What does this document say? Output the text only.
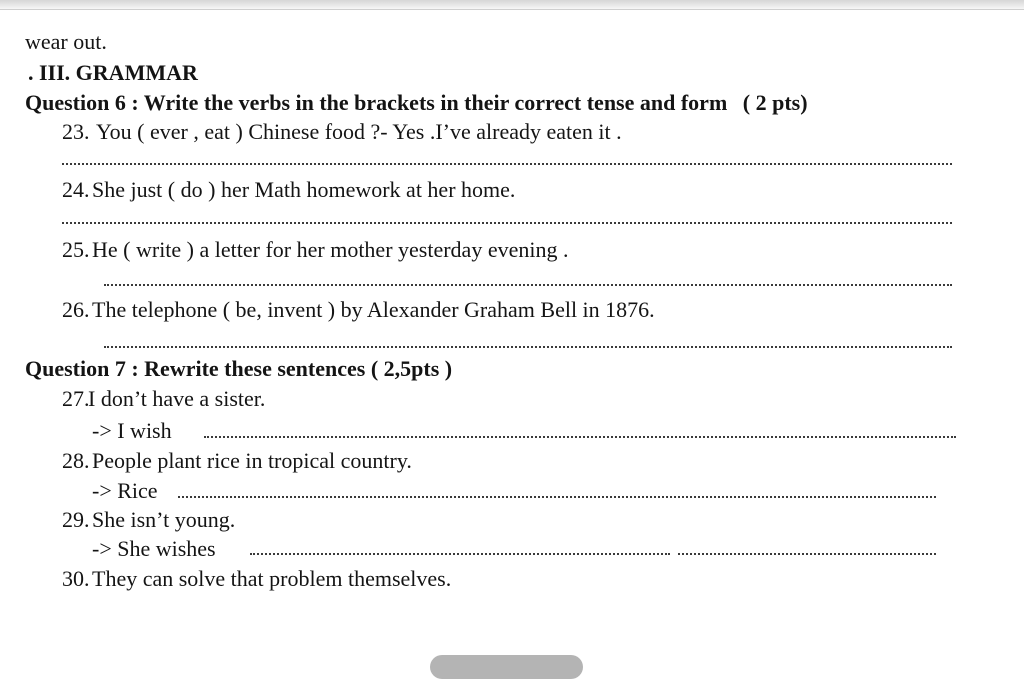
wear out.
. III. GRAMMAR
Question 6 : Write the verbs in the brackets in their correct tense and form ( 2 pts)
23. You ( ever , eat ) Chinese food ?- Yes .I’ve already eaten it .
24. She just ( do ) her Math homework at her home.
25. He ( write ) a letter for her mother yesterday evening .
26. The telephone ( be, invent ) by Alexander Graham Bell in 1876.
Question 7 : Rewrite these sentences ( 2,5pts )
27.I don’t have a sister.
-> I wish
28. People plant rice in tropical country.
-> Rice
29. She isn’t young.
-> She wishes
30. They can solve that problem themselves.
